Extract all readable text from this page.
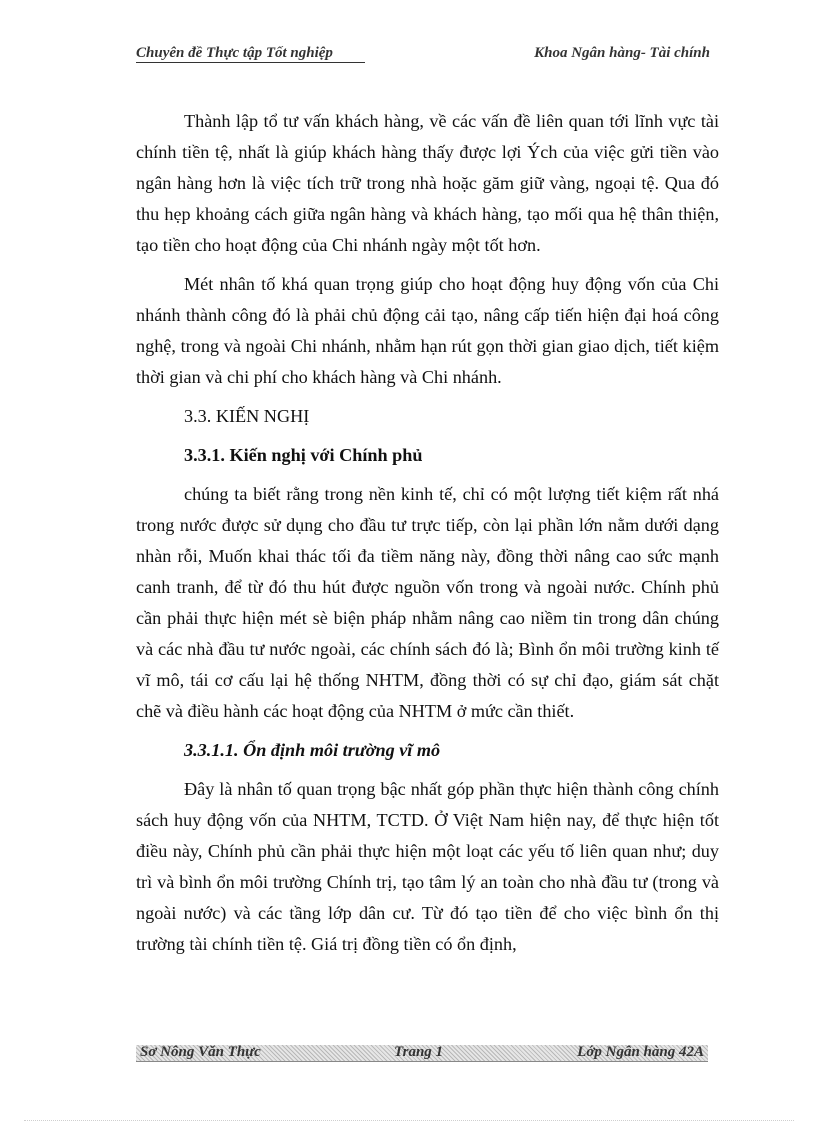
Chuyên đề Thực tập Tốt nghiệp	Khoa Ngân hàng- Tài chính

Thành lập tổ tư vấn khách hàng, về các vấn đề liên quan tới lĩnh vực tài chính tiền tệ, nhất là giúp khách hàng thấy được lợi Ých của việc gửi tiền vào ngân hàng hơn là việc tích trữ trong nhà hoặc găm giữ vàng, ngoại tệ. Qua đó thu hẹp khoảng cách giữa ngân hàng và khách hàng, tạo mối qua hệ thân thiện, tạo tiền cho hoạt động của Chi nhánh ngày một tốt hơn.

Mét nhân tố khá quan trọng giúp cho hoạt động huy động vốn của Chi nhánh thành công đó là phải chủ động cải tạo, nâng cấp tiến hiện đại hoá công nghệ, trong và ngoài Chi nhánh, nhằm hạn rút gọn thời gian giao dịch, tiết kiệm thời gian và chi phí cho khách hàng và Chi nhánh.

3.3. KIẾN NGHỊ

3.3.1. Kiến nghị với Chính phủ

chúng ta biết rằng trong nền kinh tế, chỉ có một lượng tiết kiệm rất nhá trong nước được sử dụng cho đầu tư trực tiếp, còn lại phần lớn nằm dưới dạng nhàn rỗi, Muốn khai thác tối đa tiềm năng này, đồng thời nâng cao sức mạnh canh tranh, để từ đó thu hút được nguồn vốn trong và ngoài nước. Chính phủ cần phải thực hiện mét sè biện pháp nhằm nâng cao niềm tin trong dân chúng và các nhà đầu tư nước ngoài, các chính sách đó là; Bình ổn môi trường kinh tế vĩ mô, tái cơ cấu lại hệ thống NHTM, đồng thời có sự chỉ đạo, giám sát chặt chẽ và điều hành các hoạt động của NHTM ở mức cần thiết.

3.3.1.1. Ổn định môi trường vĩ mô

Đây là nhân tố quan trọng bậc nhất góp phần thực hiện thành công chính sách huy động vốn của NHTM, TCTD. Ở Việt Nam hiện nay, để thực hiện tốt điều này, Chính phủ cần phải thực hiện một loạt các yếu tố liên quan như; duy trì và bình ổn môi trường Chính trị, tạo tâm lý an toàn cho nhà đầu tư (trong và ngoài nước) và các tầng lớp dân cư. Từ đó tạo tiền để cho việc bình ổn thị trường tài chính tiền tệ. Giá trị đồng tiền có ổn định,

Sơ Nông Văn Thực	Trang 1	Lớp Ngân hàng 42A
